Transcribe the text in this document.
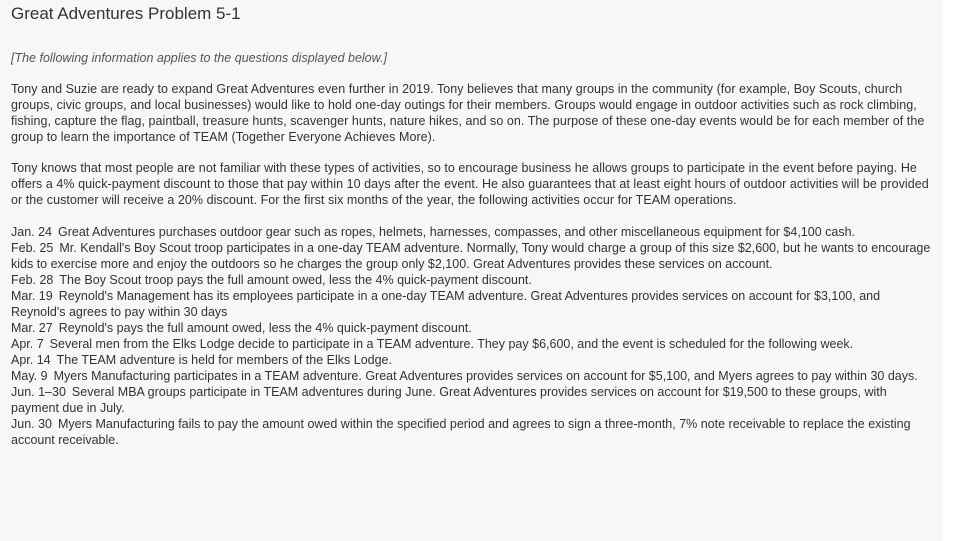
Great Adventures Problem 5-1

[The following information applies to the questions displayed below.]

Tony and Suzie are ready to expand Great Adventures even further in 2019. Tony believes that many groups in the community (for example, Boy Scouts, church groups, civic groups, and local businesses) would like to hold one-day outings for their members. Groups would engage in outdoor activities such as rock climbing, fishing, capture the flag, paintball, treasure hunts, scavenger hunts, nature hikes, and so on. The purpose of these one-day events would be for each member of the group to learn the importance of TEAM (Together Everyone Achieves More).

Tony knows that most people are not familiar with these types of activities, so to encourage business he allows groups to participate in the event before paying. He offers a 4% quick-payment discount to those that pay within 10 days after the event. He also guarantees that at least eight hours of outdoor activities will be provided or the customer will receive a 20% discount. For the first six months of the year, the following activities occur for TEAM operations.

Jan. 24 Great Adventures purchases outdoor gear such as ropes, helmets, harnesses, compasses, and other miscellaneous equipment for $4,100 cash.

Feb. 25 Mr. Kendall's Boy Scout troop participates in a one-day TEAM adventure. Normally, Tony would charge a group of this size $2,600, but he wants to encourage kids to exercise more and enjoy the outdoors so he charges the group only $2,100. Great Adventures provides these services on account.

Feb. 28 The Boy Scout troop pays the full amount owed, less the 4% quick-payment discount.

Mar. 19 Reynold's Management has its employees participate in a one-day TEAM adventure. Great Adventures provides services on account for $3,100, and Reynold's agrees to pay within 30 days

Mar. 27 Reynold's pays the full amount owed, less the 4% quick-payment discount.

Apr. 7 Several men from the Elks Lodge decide to participate in a TEAM adventure. They pay $6,600, and the event is scheduled for the following week.

Apr. 14 The TEAM adventure is held for members of the Elks Lodge.

May. 9 Myers Manufacturing participates in a TEAM adventure. Great Adventures provides services on account for $5,100, and Myers agrees to pay within 30 days.

Jun. 1–30 Several MBA groups participate in TEAM adventures during June. Great Adventures provides services on account for $19,500 to these groups, with payment due in July.

Jun. 30 Myers Manufacturing fails to pay the amount owed within the specified period and agrees to sign a three-month, 7% note receivable to replace the existing account receivable.
